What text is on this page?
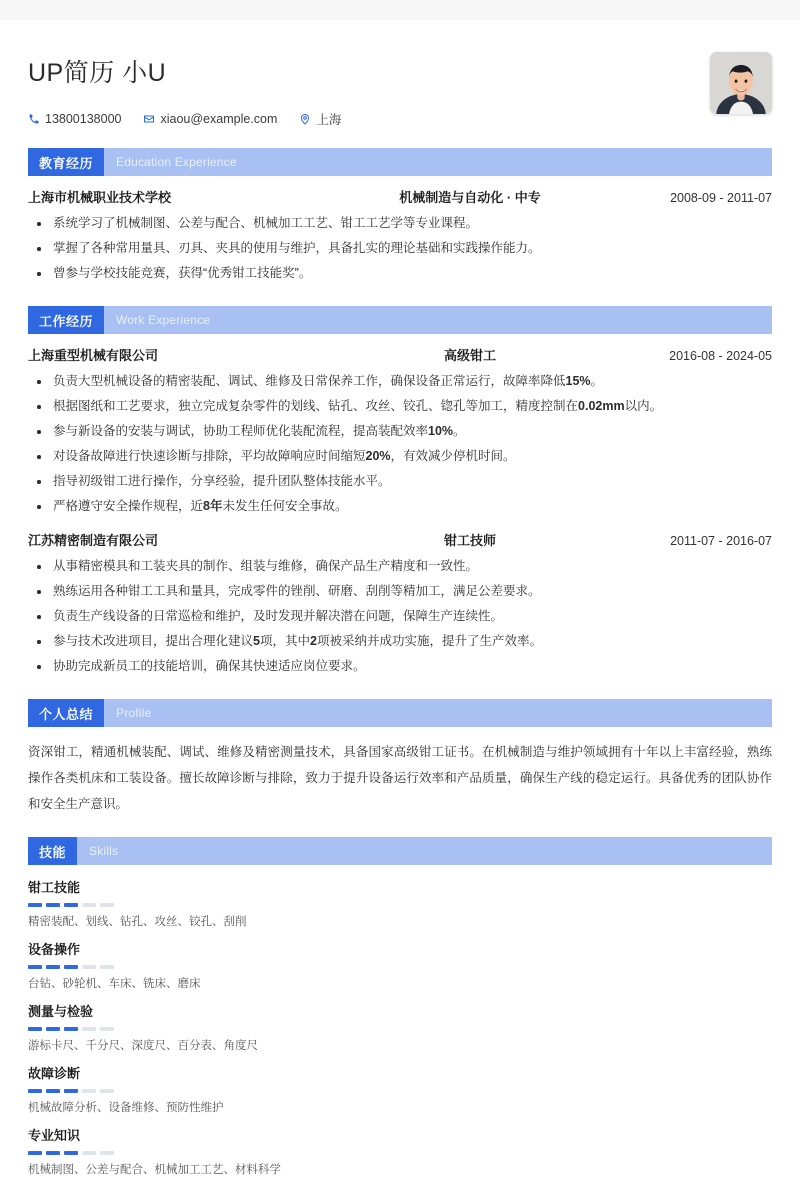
UP简历 小U
13800138000	xiaou@example.com	上海
教育经历	Education Experience
上海市机械职业技术学校	机械制造与自动化 · 中专	2008-09 - 2011-07
系统学习了机械制图、公差与配合、机械加工工艺、钳工工艺学等专业课程。
掌握了各种常用量具、刃具、夹具的使用与维护，具备扎实的理论基础和实践操作能力。
曾参与学校技能竞赛，获得“优秀钳工技能奖”。
工作经历	Work Experience
上海重型机械有限公司	高级钳工	2016-08 - 2024-05
负责大型机械设备的精密装配、调试、维修及日常保养工作，确保设备正常运行，故障率降低15%。
根据图纸和工艺要求，独立完成复杂零件的划线、钻孔、攻丝、铰孔、锪孔等加工，精度控制在0.02mm以内。
参与新设备的安装与调试，协助工程师优化装配流程，提高装配效率10%。
对设备故障进行快速诊断与排除，平均故障响应时间缩短20%，有效减少停机时间。
指导初级钳工进行操作，分享经验，提升团队整体技能水平。
严格遵守安全操作规程，近8年未发生任何安全事故。
江苏精密制造有限公司	钳工技师	2011-07 - 2016-07
从事精密模具和工装夹具的制作、组装与维修，确保产品生产精度和一致性。
熟练运用各种钳工工具和量具，完成零件的锉削、研磨、刮削等精加工，满足公差要求。
负责生产线设备的日常巡检和维护，及时发现并解决潜在问题，保障生产连续性。
参与技术改进项目，提出合理化建议5项，其中2项被采纳并成功实施，提升了生产效率。
协助完成新员工的技能培训，确保其快速适应岗位要求。
个人总结	Profile
资深钳工，精通机械装配、调试、维修及精密测量技术，具备国家高级钳工证书。在机械制造与维护领域拥有十年以上丰富经验，熟练操作各类机床和工装设备。擅长故障诊断与排除，致力于提升设备运行效率和产品质量，确保生产线的稳定运行。具备优秀的团队协作和安全生产意识。
技能	Skills
钳工技能
精密装配、划线、钻孔、攻丝、铰孔、刮削
设备操作
台钻、砂轮机、车床、铣床、磨床
测量与检验
游标卡尺、千分尺、深度尺、百分表、角度尺
故障诊断
机械故障分析、设备维修、预防性维护
专业知识
机械制图、公差与配合、机械加工工艺、材料科学
